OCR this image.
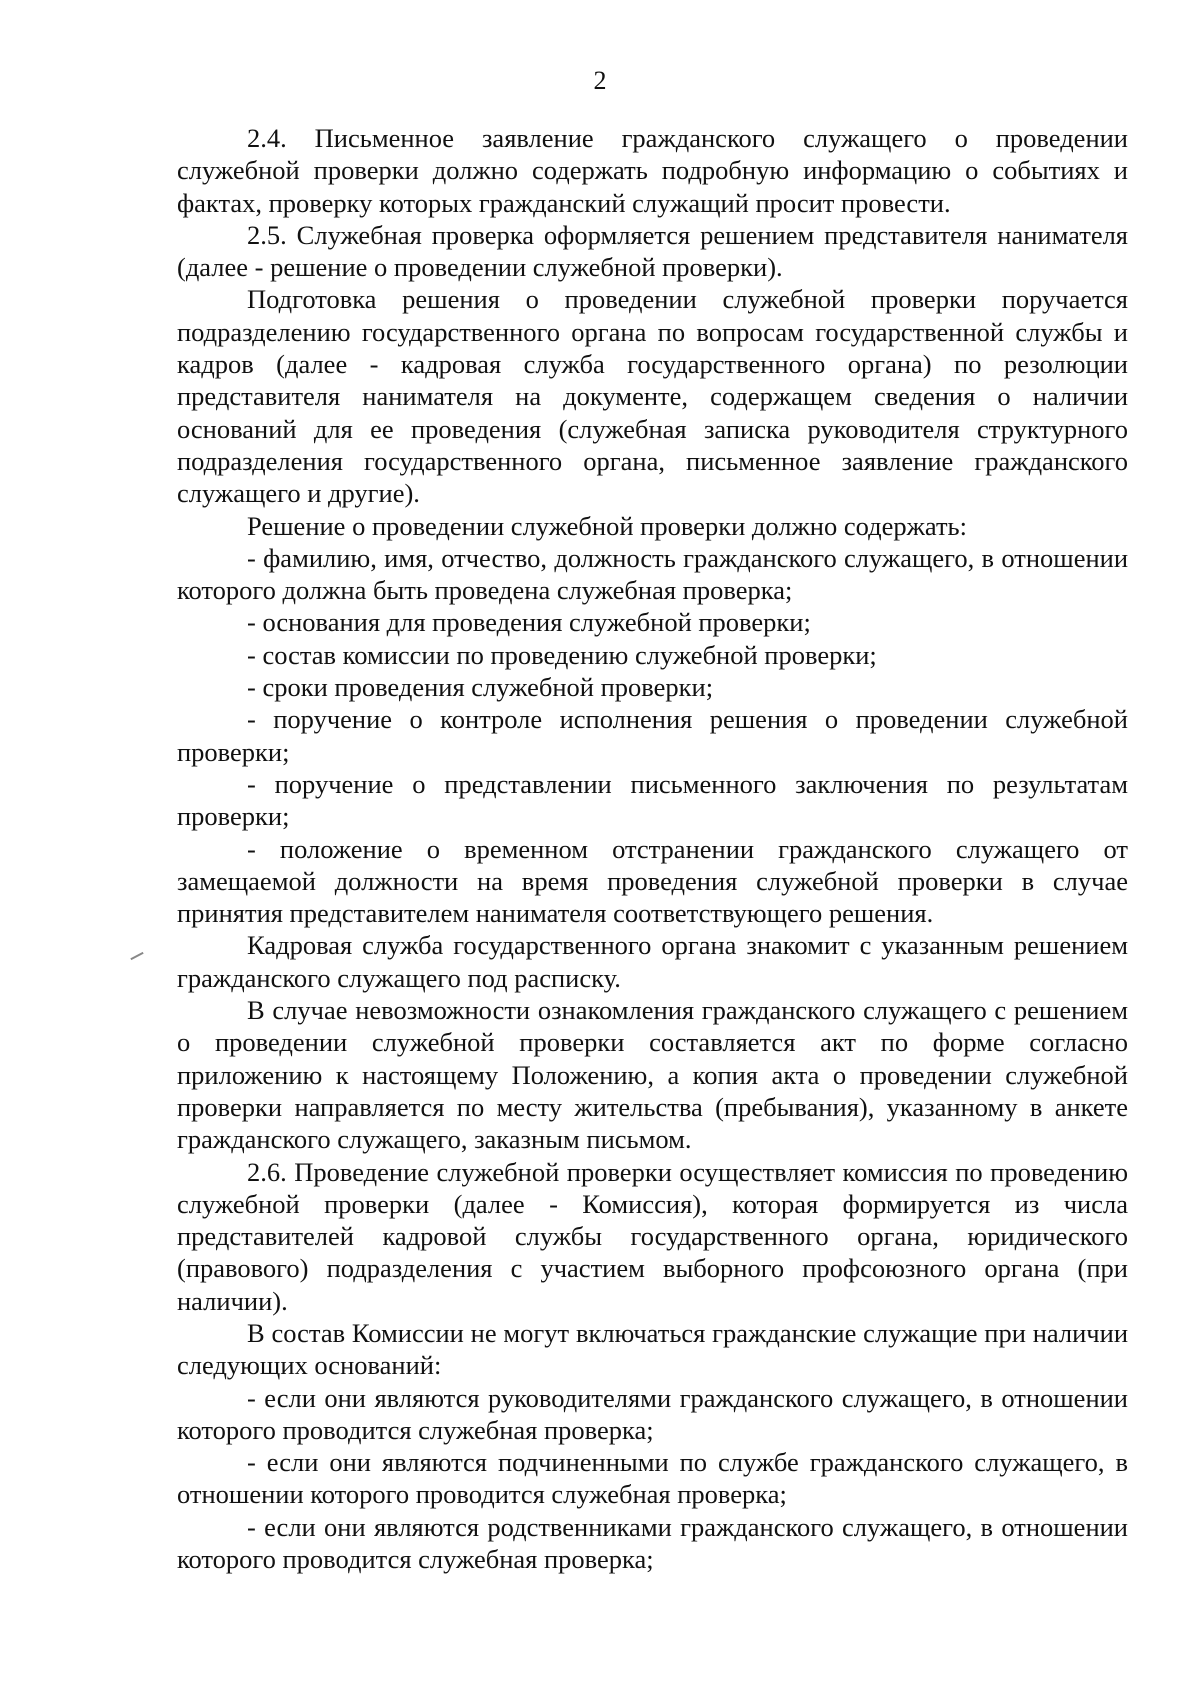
2

2.4. Письменное заявление гражданского служащего о проведении служебной проверки должно содержать подробную информацию о событиях и фактах, проверку которых гражданский служащий просит провести.

2.5. Служебная проверка оформляется решением представителя нанимателя (далее - решение о проведении служебной проверки).

Подготовка решения о проведении служебной проверки поручается подразделению государственного органа по вопросам государственной службы и кадров (далее - кадровая служба государственного органа) по резолюции представителя нанимателя на документе, содержащем сведения о наличии оснований для ее проведения (служебная записка руководителя структурного подразделения государственного органа, письменное заявление гражданского служащего и другие).

Решение о проведении служебной проверки должно содержать:

- фамилию, имя, отчество, должность гражданского служащего, в отношении которого должна быть проведена служебная проверка;

- основания для проведения служебной проверки;

- состав комиссии по проведению служебной проверки;

- сроки проведения служебной проверки;

- поручение о контроле исполнения решения о проведении служебной проверки;

- поручение о представлении письменного заключения по результатам проверки;

- положение о временном отстранении гражданского служащего от замещаемой должности на время проведения служебной проверки в случае принятия представителем нанимателя соответствующего решения.

Кадровая служба государственного органа знакомит с указанным решением гражданского служащего под расписку.

В случае невозможности ознакомления гражданского служащего с решением о проведении служебной проверки составляется акт по форме согласно приложению к настоящему Положению, а копия акта о проведении служебной проверки направляется по месту жительства (пребывания), указанному в анкете гражданского служащего, заказным письмом.

2.6. Проведение служебной проверки осуществляет комиссия по проведению служебной проверки (далее - Комиссия), которая формируется из числа представителей кадровой службы государственного органа, юридического (правового) подразделения с участием выборного профсоюзного органа (при наличии).

В состав Комиссии не могут включаться гражданские служащие при наличии следующих оснований:

- если они являются руководителями гражданского служащего, в отношении которого проводится служебная проверка;

- если они являются подчиненными по службе гражданского служащего, в отношении которого проводится служебная проверка;

- если они являются родственниками гражданского служащего, в отношении которого проводится служебная проверка;
